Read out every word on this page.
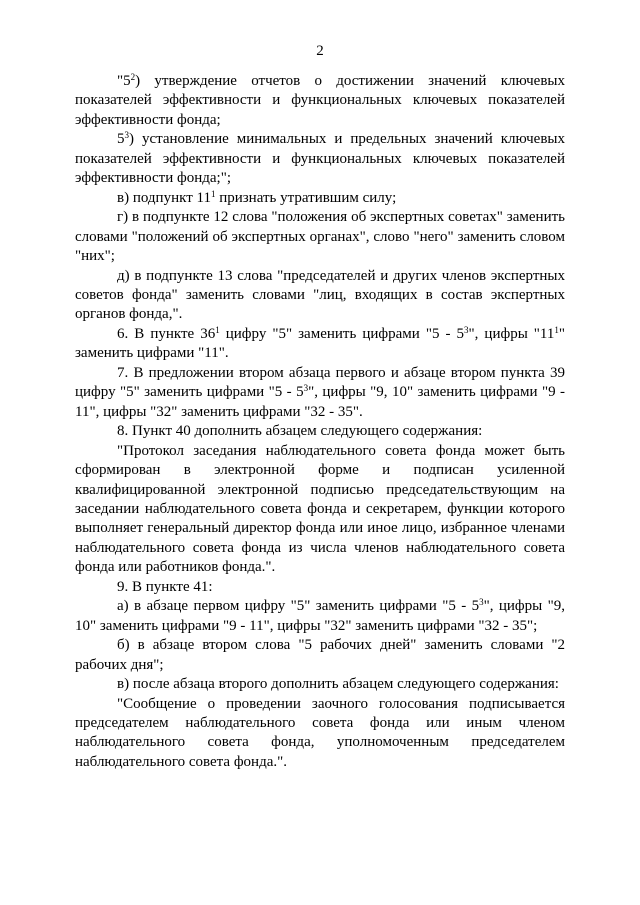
2

"$5^2$) утверждение отчетов о достижении значений ключевых показателей эффективности и функциональных ключевых показателей эффективности фонда;

$5^3$) установление минимальных и предельных значений ключевых показателей эффективности и функциональных ключевых показателей эффективности фонда;";

в) подпункт $11^1$ признать утратившим силу;

г) в подпункте 12 слова "положения об экспертных советах" заменить словами "положений об экспертных органах", слово "него" заменить словом "них";

д) в подпункте 13 слова "председателей и других членов экспертных советов фонда" заменить словами "лиц, входящих в состав экспертных органов фонда,".

6. В пункте $36^1$ цифру "5" заменить цифрами "$5 - 5^3$", цифры "$11^1$" заменить цифрами "11".

7. В предложении втором абзаца первого и абзаце втором пункта 39 цифру "5" заменить цифрами "$5 - 5^3$", цифры "9, 10" заменить цифрами "9 - 11", цифры "32" заменить цифрами "32 - 35".

8. Пункт 40 дополнить абзацем следующего содержания:

"Протокол заседания наблюдательного совета фонда может быть сформирован в электронной форме и подписан усиленной квалифицированной электронной подписью председательствующим на заседании наблюдательного совета фонда и секретарем, функции которого выполняет генеральный директор фонда или иное лицо, избранное членами наблюдательного совета фонда из числа членов наблюдательного совета фонда или работников фонда.".

9. В пункте 41:

а) в абзаце первом цифру "5" заменить цифрами "$5 - 5^3$", цифры "9, 10" заменить цифрами "9 - 11", цифры "32" заменить цифрами "32 - 35";

б) в абзаце втором слова "5 рабочих дней" заменить словами "2 рабочих дня";

в) после абзаца второго дополнить абзацем следующего содержания:

"Сообщение о проведении заочного голосования подписывается председателем наблюдательного совета фонда или иным членом наблюдательного совета фонда, уполномоченным председателем наблюдательного совета фонда.".
